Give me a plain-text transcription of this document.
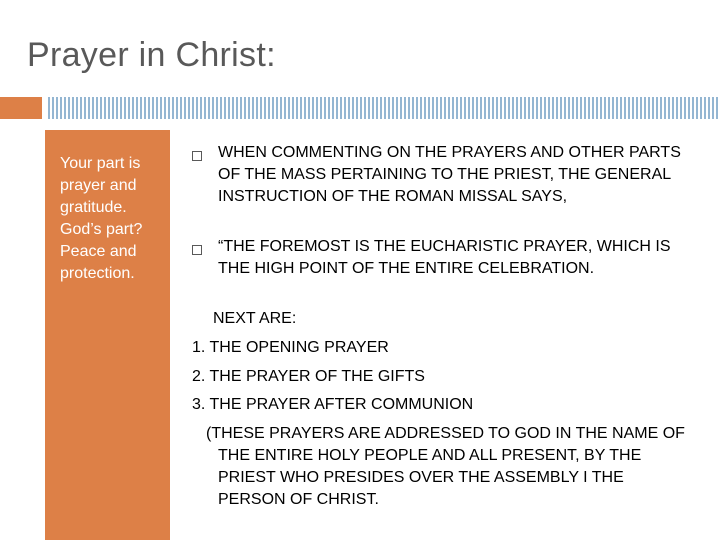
Prayer in Christ:
Your part is prayer and gratitude. God’s part? Peace and protection.
WHEN COMMENTING ON THE PRAYERS AND OTHER PARTS OF THE MASS PERTAINING TO THE PRIEST, THE GENERAL INSTRUCTION OF THE ROMAN MISSAL SAYS,
“THE FOREMOST IS THE EUCHARISTIC PRAYER, WHICH IS THE HIGH POINT OF THE ENTIRE CELEBRATION.
NEXT ARE:
1. THE OPENING PRAYER
2. THE PRAYER OF THE GIFTS
3. THE PRAYER AFTER COMMUNION
(THESE PRAYERS ARE ADDRESSED TO GOD IN THE NAME OF THE ENTIRE HOLY PEOPLE AND ALL PRESENT, BY THE PRIEST WHO PRESIDES OVER THE ASSEMBLY I THE PERSON OF CHRIST.
